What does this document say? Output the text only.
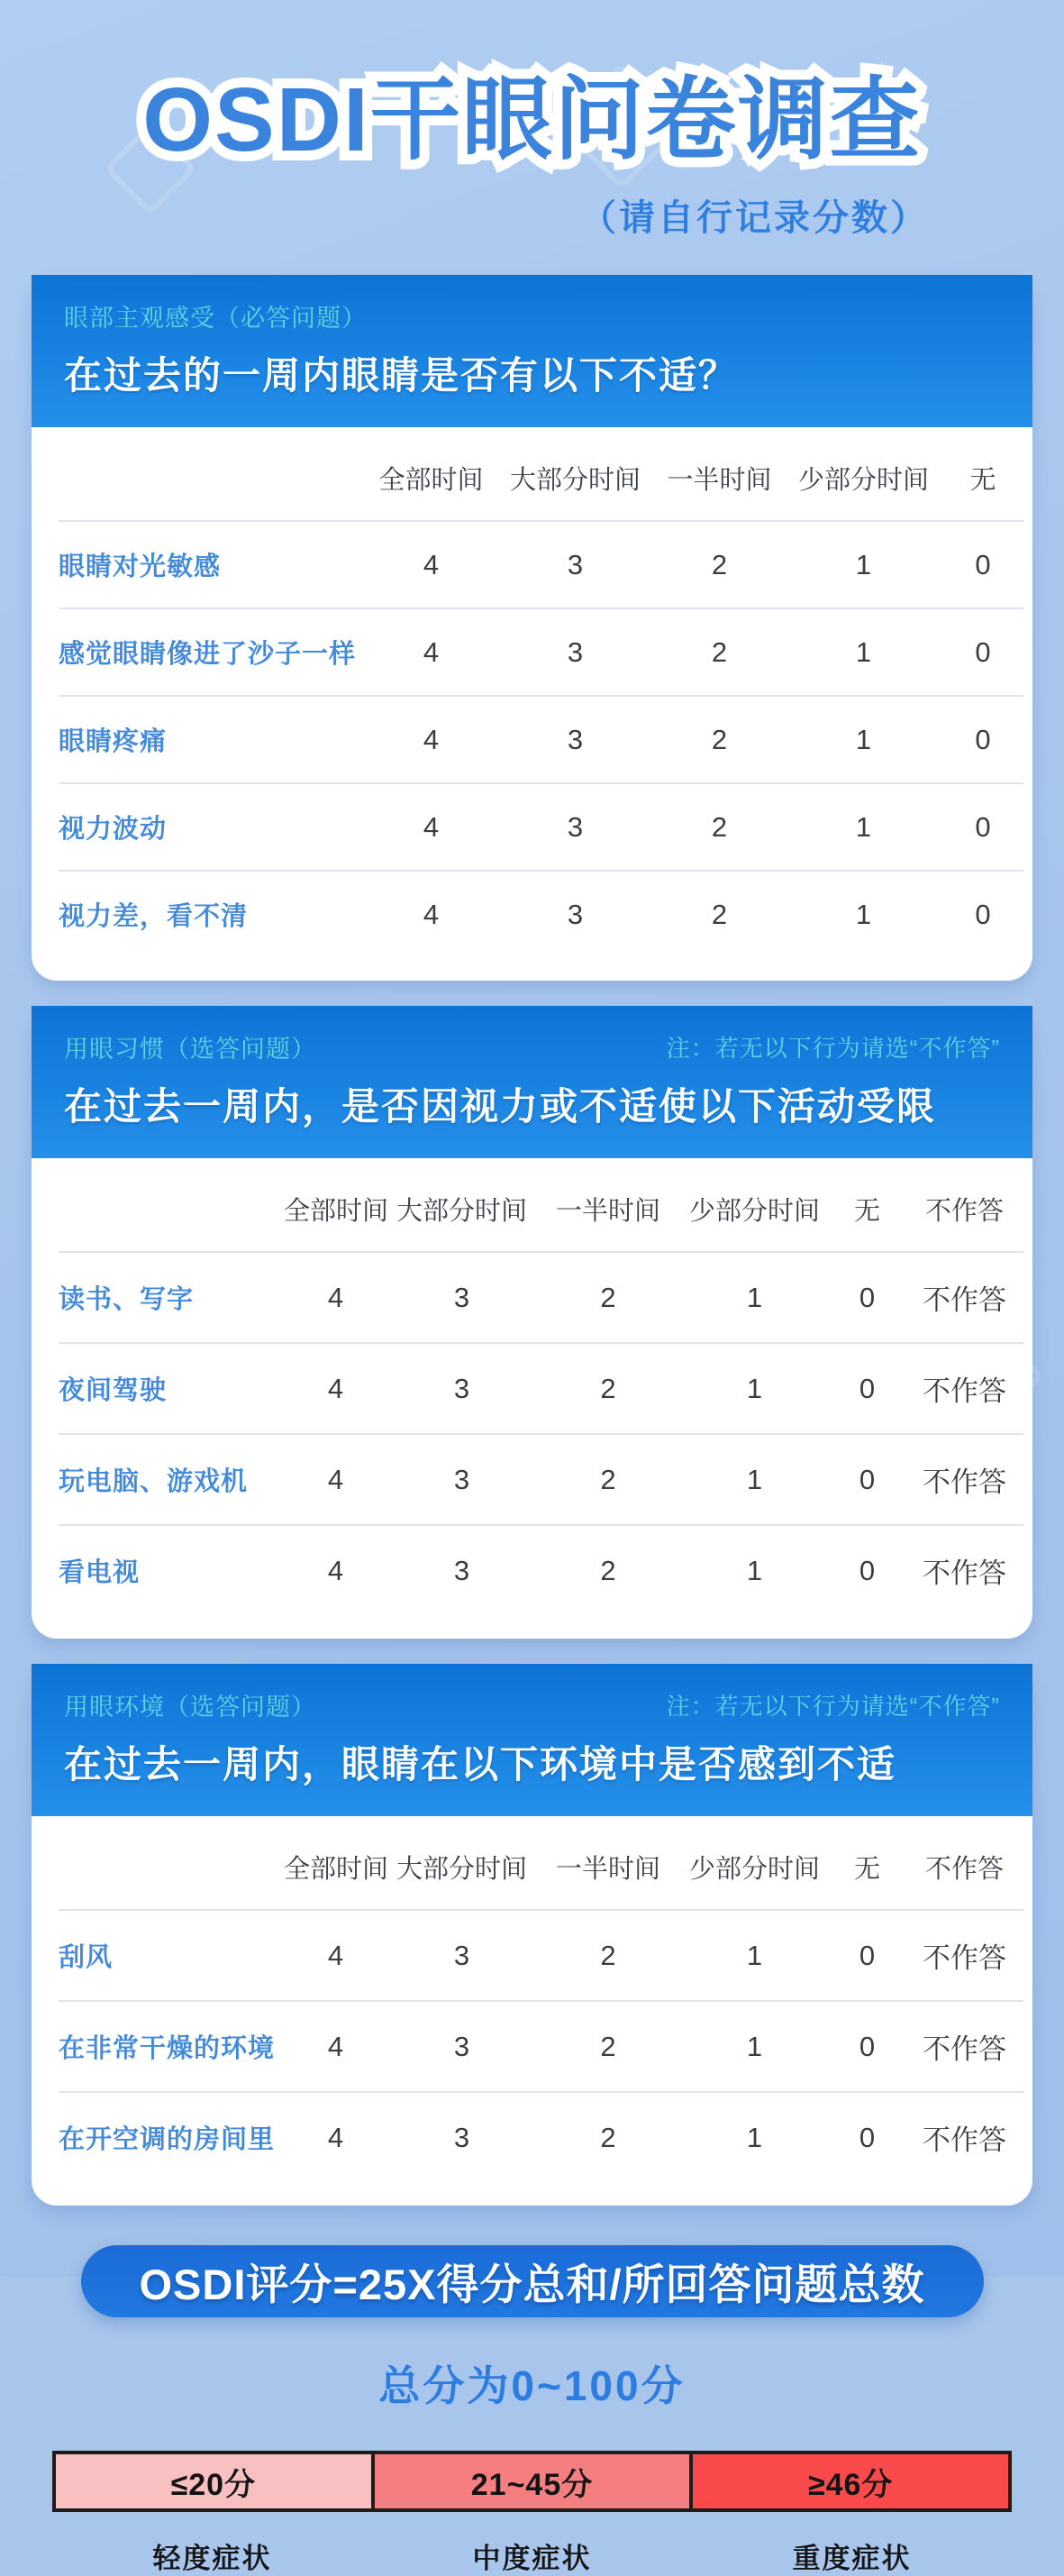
OSDI干眼问卷调查 OSDI干眼问卷调查
（请自行记录分数）
眼部主观感受（必答问题）
在过去的一周内眼睛是否有以下不适？
全部时间	大部分时间	一半时间	少部分时间	无
眼睛对光敏感	4	3	2	1	0
感觉眼睛像进了沙子一样	4	3	2	1	0
眼睛疼痛	4	3	2	1	0
视力波动	4	3	2	1	0
视力差，看不清	4	3	2	1	0
用眼习惯（选答问题）	注：若无以下行为请选“不作答”
在过去一周内，是否因视力或不适使以下活动受限
全部时间 大部分时间	一半时间	少部分时间	无	不作答
读书、写字	4	3	2	1	0	不作答
夜间驾驶	4	3	2	1	0	不作答
玩电脑、游戏机	4	3	2	1	0	不作答
看电视	4	3	2	1	0	不作答
用眼环境（选答问题）	注：若无以下行为请选“不作答”
在过去一周内，眼睛在以下环境中是否感到不适
全部时间 大部分时间	一半时间	少部分时间	无	不作答
刮风	4	3	2	1	0	不作答
在非常干燥的环境	4	3	2	1	0	不作答
在开空调的房间里	4	3	2	1	0	不作答
OSDI评分=25X得分总和/所回答问题总数
总分为0~100分
≤20分	21~45分	≥46分
轻度症状	中度症状	重度症状
